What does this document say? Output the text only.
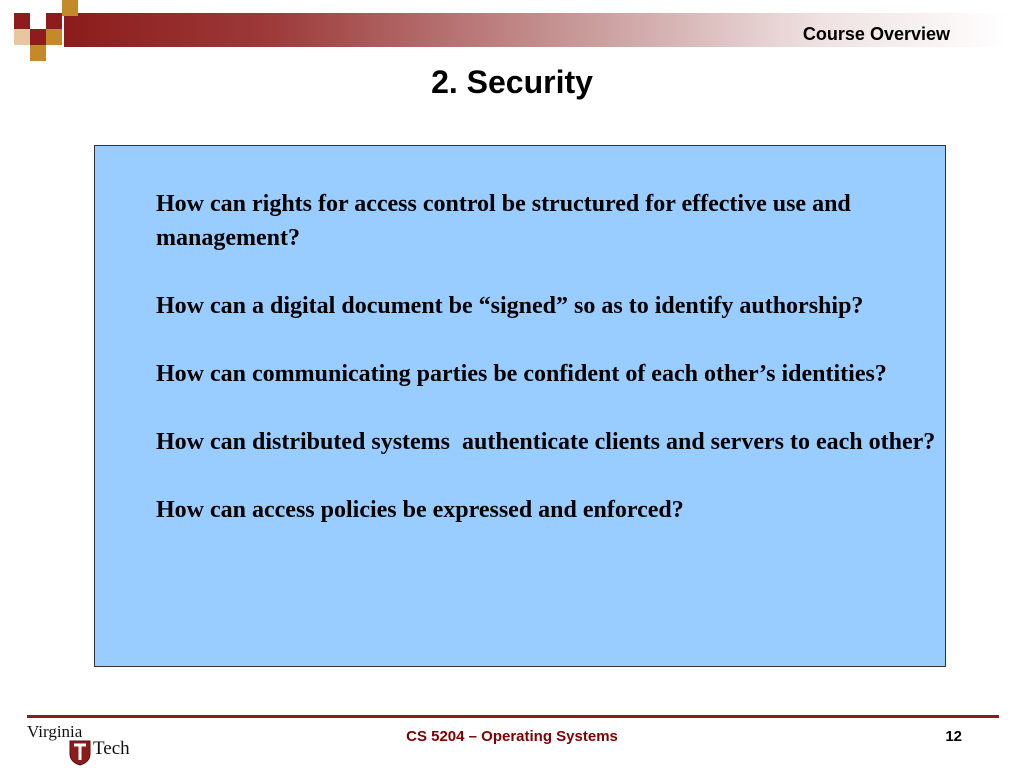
Course Overview
2. Security
How can rights for access control be structured for effective use and management?
How can a digital document be “signed” so as to identify authorship?
How can communicating parties be confident of each other’s identities?
How can distributed systems  authenticate clients and servers to each other?
How can access policies be expressed and enforced?
Virginia
Tech
CS 5204 – Operating Systems	12
